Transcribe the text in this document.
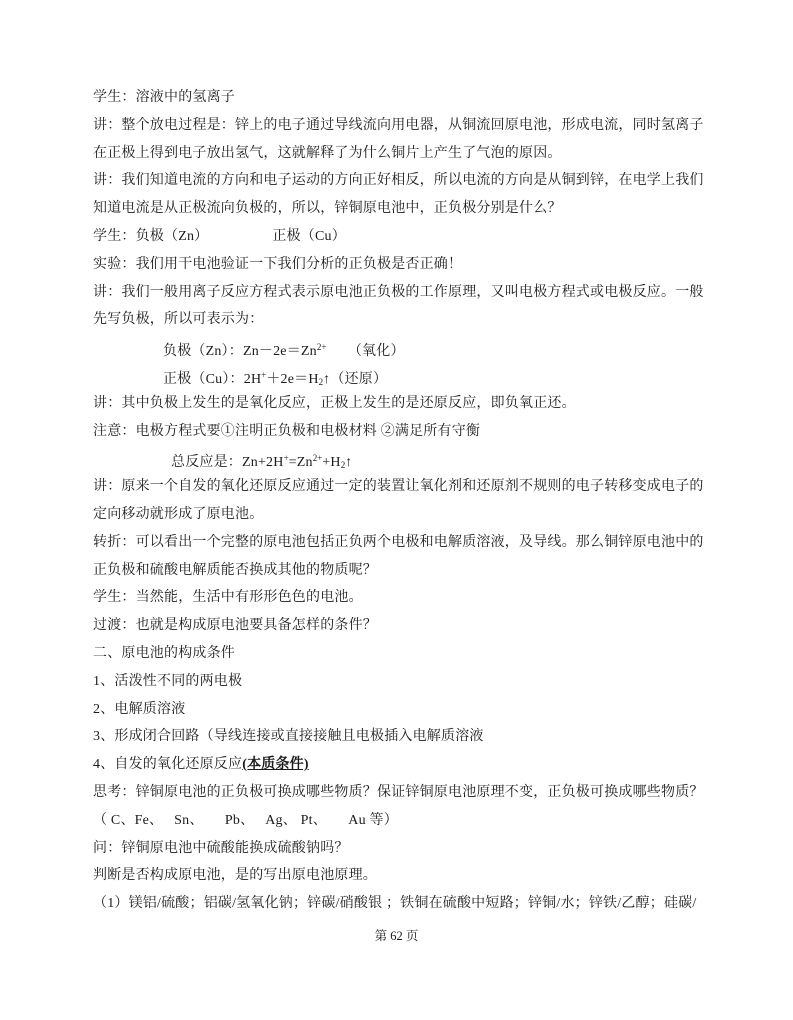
学生：溶液中的氢离子
讲：整个放电过程是：锌上的电子通过导线流向用电器，从铜流回原电池，形成电流，同时氢离子
在正极上得到电子放出氢气，这就解释了为什么铜片上产生了气泡的原因。
讲：我们知道电流的方向和电子运动的方向正好相反，所以电流的方向是从铜到锌，在电学上我们
知道电流是从正极流向负极的，所以，锌铜原电池中，正负极分别是什么？
学生：负极（Zn）　　　　　正极（Cu）
实验：我们用干电池验证一下我们分析的正负极是否正确！
讲：我们一般用离子反应方程式表示原电池正负极的工作原理，又叫电极方程式或电极反应。一般
先写负极，所以可表示为：
负极（Zn）：$Zn-2e=Zn^{2+}$　　（氧化）
正极（Cu）：2H+＋2e＝H2↑（还原）
讲：其中负极上发生的是氧化反应，正极上发生的是还原反应，即负氧正还。
注意：电极方程式要①注明正负极和电极材料 ②满足所有守衡
总反应是：$Zn+2H^+=Zn^{2+}+H2↑$
讲：原来一个自发的氧化还原反应通过一定的装置让氧化剂和还原剂不规则的电子转移变成电子的
定向移动就形成了原电池。
转折：可以看出一个完整的原电池包括正负两个电极和电解质溶液，及导线。那么铜锌原电池中的
正负极和硫酸电解质能否换成其他的物质呢？
学生：当然能，生活中有形形色色的电池。
过渡：也就是构成原电池要具备怎样的条件？
二、原电池的构成条件
1、活泼性不同的两电极
2、电解质溶液
3、形成闭合回路（导线连接或直接接触且电极插入电解质溶液
4、自发的氧化还原反应(本质条件)
思考：锌铜原电池的正负极可换成哪些物质？保证锌铜原电池原理不变，正负极可换成哪些物质？
（ C、Fe、　 Sn、　　Pb、　 Ag、 Pt、　　Au 等）
问：锌铜原电池中硫酸能换成硫酸钠吗？
判断是否构成原电池，是的写出原电池原理。
（1）镁铝/硫酸；铝碳/氢氧化钠；锌碳/硝酸银 ；铁铜在硫酸中短路；锌铜/水；锌铁/乙醇；硅碳/
第 62 页
